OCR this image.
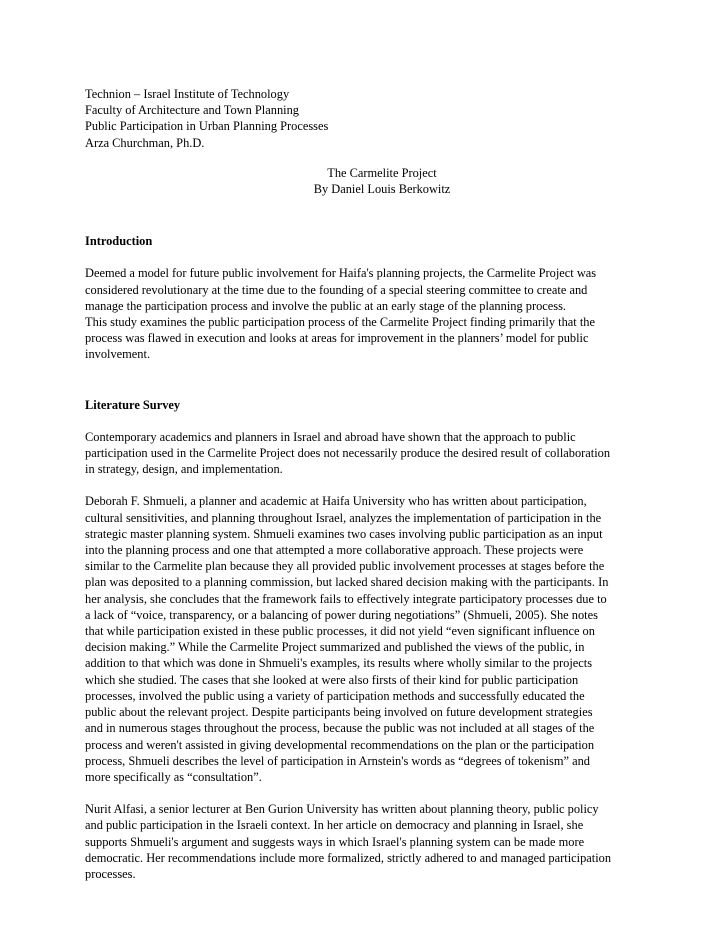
Technion – Israel Institute of Technology
Faculty of Architecture and Town Planning
Public Participation in Urban Planning Processes
Arza Churchman, Ph.D.
The Carmelite Project
By Daniel Louis Berkowitz
Introduction
Deemed a model for future public involvement for Haifa's planning projects, the Carmelite Project was
considered revolutionary at the time due to the founding of a special steering committee to create and
manage the participation process and involve the public at an early stage of the planning process.
This study examines the public participation process of the Carmelite Project finding primarily that the
process was flawed in execution and looks at areas for improvement in the planners’ model for public
involvement.
Literature Survey
Contemporary academics and planners in Israel and abroad have shown that the approach to public
participation used in the Carmelite Project does not necessarily produce the desired result of collaboration
in strategy, design, and implementation.
Deborah F. Shmueli, a planner and academic at Haifa University who has written about participation,
cultural sensitivities, and planning throughout Israel, analyzes the implementation of participation in the
strategic master planning system. Shmueli examines two cases involving public participation as an input
into the planning process and one that attempted a more collaborative approach. These projects were
similar to the Carmelite plan because they all provided public involvement processes at stages before the
plan was deposited to a planning commission, but lacked shared decision making with the participants. In
her analysis, she concludes that the framework fails to effectively integrate participatory processes due to
a lack of “voice, transparency, or a balancing of power during negotiations” (Shmueli, 2005). She notes
that while participation existed in these public processes, it did not yield “even significant influence on
decision making.” While the Carmelite Project summarized and published the views of the public, in
addition to that which was done in Shmueli's examples, its results where wholly similar to the projects
which she studied. The cases that she looked at were also firsts of their kind for public participation
processes, involved the public using a variety of participation methods and successfully educated the
public about the relevant project. Despite participants being involved on future development strategies
and in numerous stages throughout the process, because the public was not included at all stages of the
process and weren't assisted in giving developmental recommendations on the plan or the participation
process, Shmueli describes the level of participation in Arnstein's words as “degrees of tokenism” and
more specifically as “consultation”.
Nurit Alfasi, a senior lecturer at Ben Gurion University has written about planning theory, public policy
and public participation in the Israeli context. In her article on democracy and planning in Israel, she
supports Shmueli's argument and suggests ways in which Israel's planning system can be made more
democratic. Her recommendations include more formalized, strictly adhered to and managed participation
processes.
